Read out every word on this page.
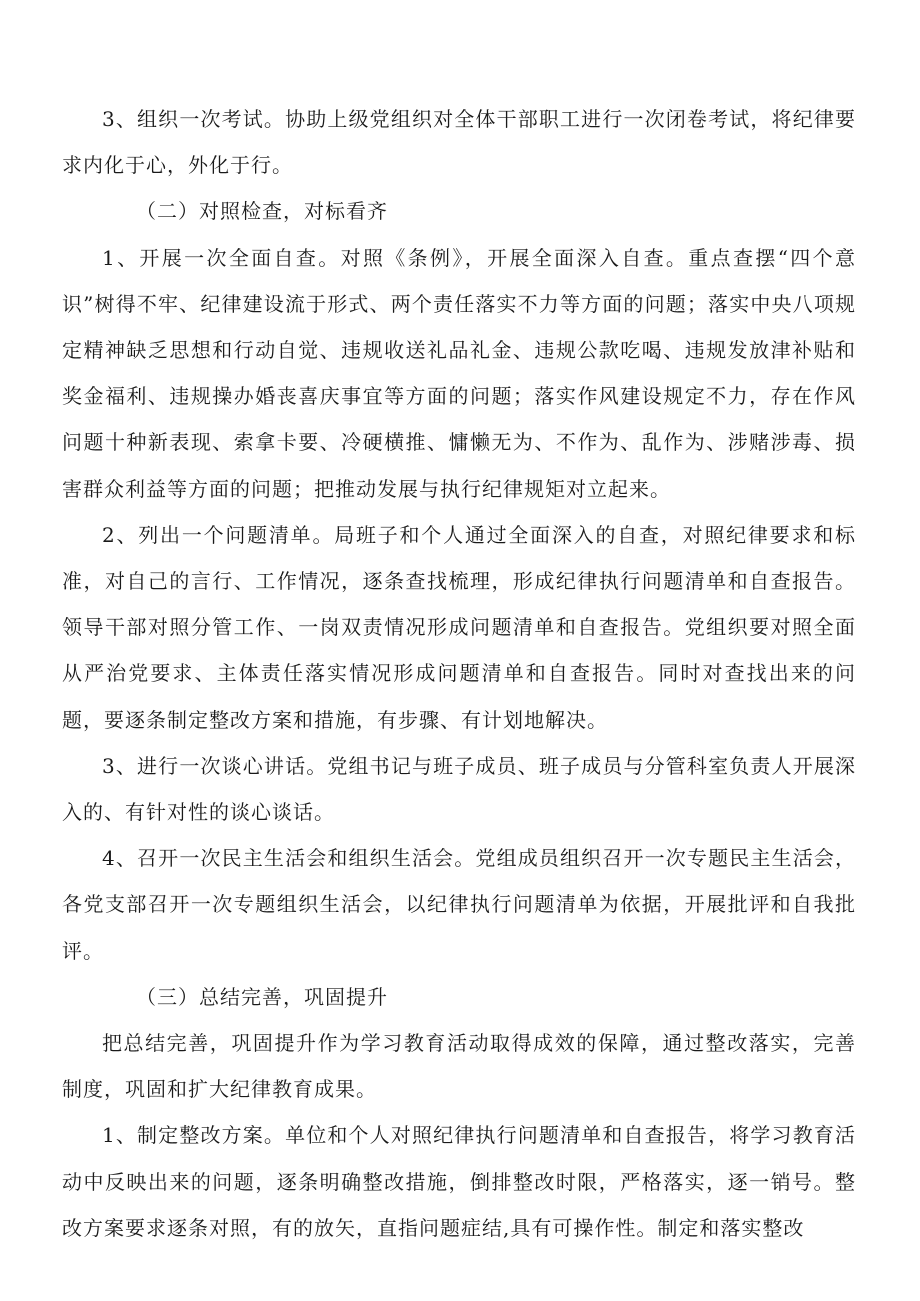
3、组织一次考试。协助上级党组织对全体干部职工进行一次闭卷考试，将纪律要求内化于心，外化于行。

（二）对照检查，对标看齐

1、开展一次全面自查。对照《条例》，开展全面深入自查。重点查摆“四个意识”树得不牢、纪律建设流于形式、两个责任落实不力等方面的问题；落实中央八项规定精神缺乏思想和行动自觉、违规收送礼品礼金、违规公款吃喝、违规发放津补贴和奖金福利、违规操办婚丧喜庆事宜等方面的问题；落实作风建设规定不力，存在作风问题十种新表现、索拿卡要、冷硬横推、慵懒无为、不作为、乱作为、涉赌涉毒、损害群众利益等方面的问题；把推动发展与执行纪律规矩对立起来。

2、列出一个问题清单。局班子和个人通过全面深入的自查，对照纪律要求和标准，对自己的言行、工作情况，逐条查找梳理，形成纪律执行问题清单和自查报告。领导干部对照分管工作、一岗双责情况形成问题清单和自查报告。党组织要对照全面从严治党要求、主体责任落实情况形成问题清单和自查报告。同时对查找出来的问题，要逐条制定整改方案和措施，有步骤、有计划地解决。

3、进行一次谈心讲话。党组书记与班子成员、班子成员与分管科室负责人开展深入的、有针对性的谈心谈话。

4、召开一次民主生活会和组织生活会。党组成员组织召开一次专题民主生活会，各党支部召开一次专题组织生活会，以纪律执行问题清单为依据，开展批评和自我批评。

（三）总结完善，巩固提升

把总结完善，巩固提升作为学习教育活动取得成效的保障，通过整改落实，完善制度，巩固和扩大纪律教育成果。

1、制定整改方案。单位和个人对照纪律执行问题清单和自查报告，将学习教育活动中反映出来的问题，逐条明确整改措施，倒排整改时限，严格落实，逐一销号。整改方案要求逐条对照，有的放矢，直指问题症结,具有可操作性。制定和落实整改
